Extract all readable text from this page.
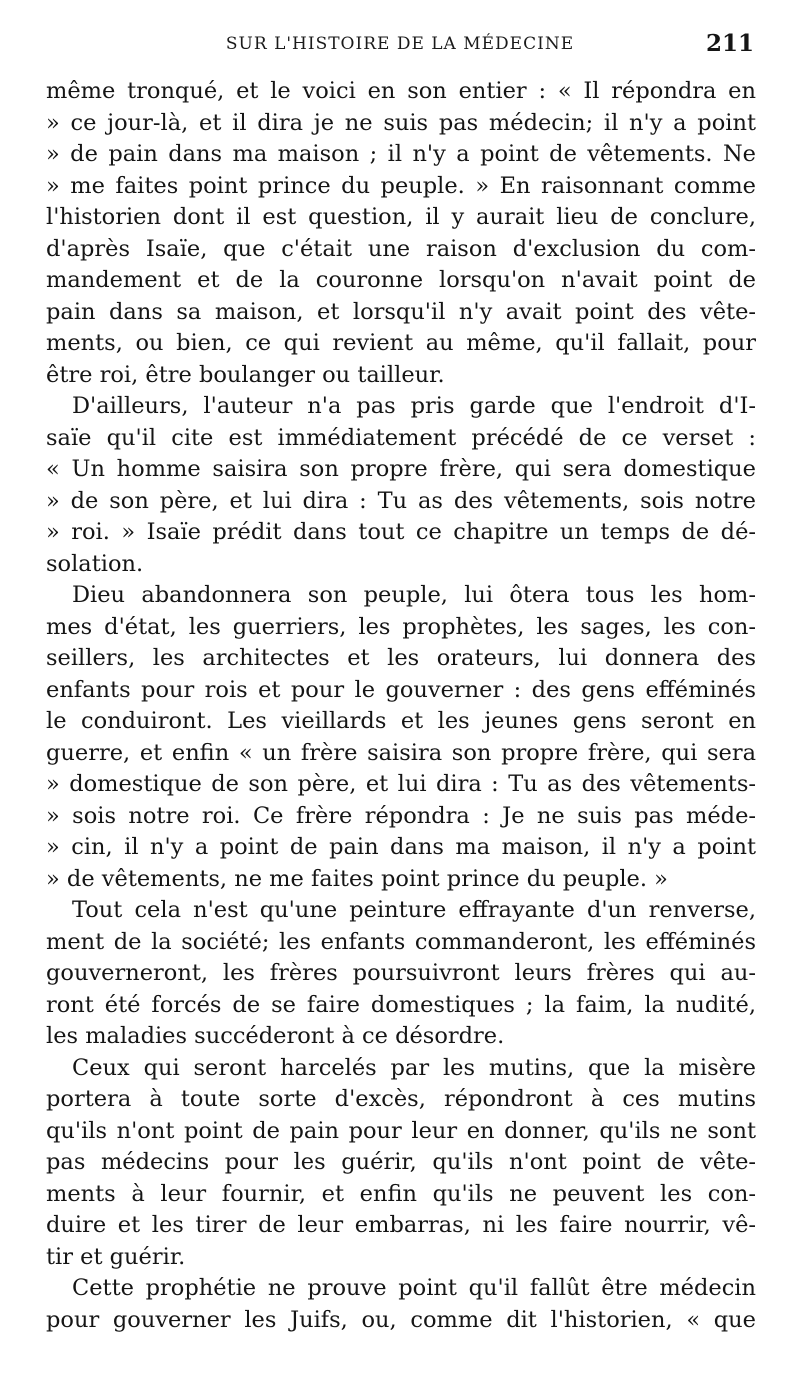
SUR L'HISTOIRE DE LA MÉDECINE	211
même tronqué, et le voici en son entier : « Il répondra en
» ce jour-là, et il dira je ne suis pas médecin; il n'y a point
» de pain dans ma maison ; il n'y a point de vêtements. Ne
» me faites point prince du peuple. » En raisonnant comme
l'historien dont il est question, il y aurait lieu de conclure,
d'après Isaïe, que c'était une raison d'exclusion du com-
mandement et de la couronne lorsqu'on n'avait point de
pain dans sa maison, et lorsqu'il n'y avait point des vête-
ments, ou bien, ce qui revient au même, qu'il fallait, pour
être roi, être boulanger ou tailleur.
D'ailleurs, l'auteur n'a pas pris garde que l'endroit d'I-
saïe qu'il cite est immédiatement précédé de ce verset :
« Un homme saisira son propre frère, qui sera domestique
» de son père, et lui dira : Tu as des vêtements, sois notre
» roi. » Isaïe prédit dans tout ce chapitre un temps de dé-
solation.
Dieu abandonnera son peuple, lui ôtera tous les hom-
mes d'état, les guerriers, les prophètes, les sages, les con-
seillers, les architectes et les orateurs, lui donnera des
enfants pour rois et pour le gouverner : des gens efféminés
le conduiront. Les vieillards et les jeunes gens seront en
guerre, et enfin « un frère saisira son propre frère, qui sera
» domestique de son père, et lui dira : Tu as des vêtements-
» sois notre roi. Ce frère répondra : Je ne suis pas méde-
» cin, il n'y a point de pain dans ma maison, il n'y a point
» de vêtements, ne me faites point prince du peuple. »
Tout cela n'est qu'une peinture effrayante d'un renverse,
ment de la société; les enfants commanderont, les efféminés
gouverneront, les frères poursuivront leurs frères qui au-
ront été forcés de se faire domestiques ; la faim, la nudité,
les maladies succéderont à ce désordre.
Ceux qui seront harcelés par les mutins, que la misère
portera à toute sorte d'excès, répondront à ces mutins
qu'ils n'ont point de pain pour leur en donner, qu'ils ne sont
pas médecins pour les guérir, qu'ils n'ont point de vête-
ments à leur fournir, et enfin qu'ils ne peuvent les con-
duire et les tirer de leur embarras, ni les faire nourrir, vê-
tir et guérir.
Cette prophétie ne prouve point qu'il fallût être médecin
pour gouverner les Juifs, ou, comme dit l'historien, « que
